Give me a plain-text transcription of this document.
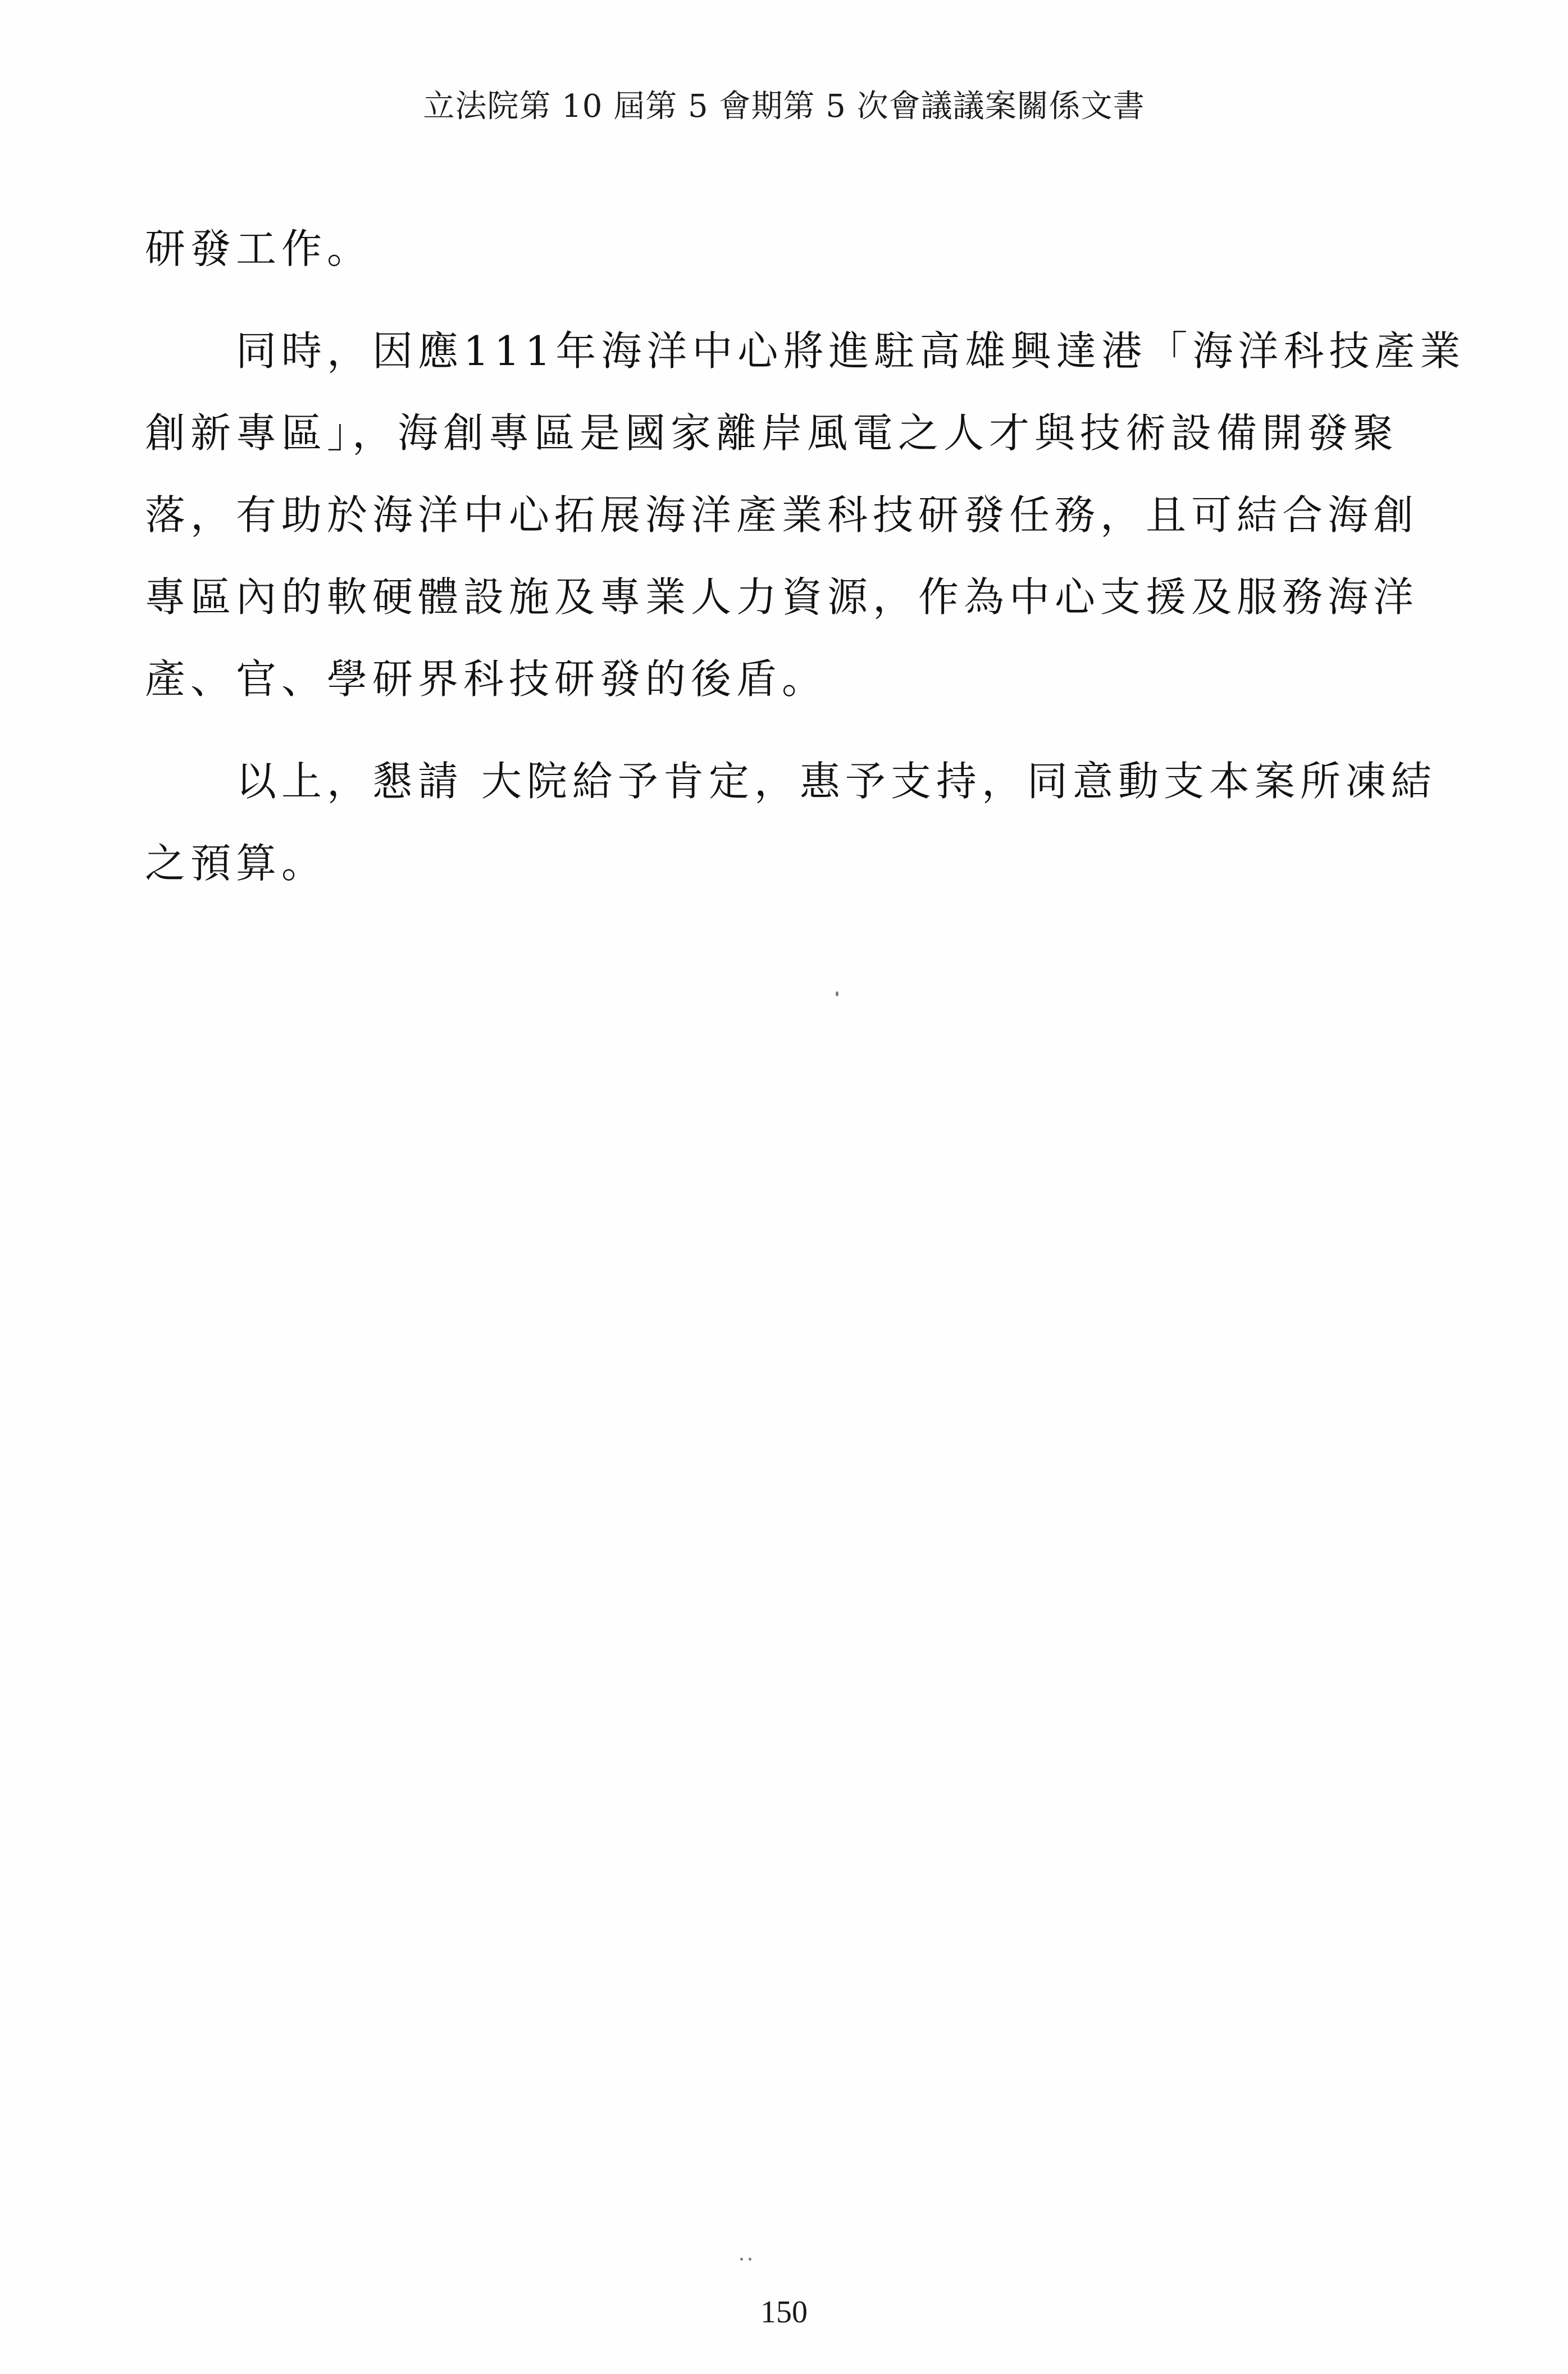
立法院第 10 屆第 5 會期第 5 次會議議案關係文書
研發工作。
　　同時，因應111年海洋中心將進駐高雄興達港「海洋科技產業
創新專區」，海創專區是國家離岸風電之人才與技術設備開發聚
落，有助於海洋中心拓展海洋產業科技研發任務，且可結合海創
專區內的軟硬體設施及專業人力資源，作為中心支援及服務海洋
產、官、學研界科技研發的後盾。
　　以上，懇請 大院給予肯定，惠予支持，同意動支本案所凍結
之預算。
150
